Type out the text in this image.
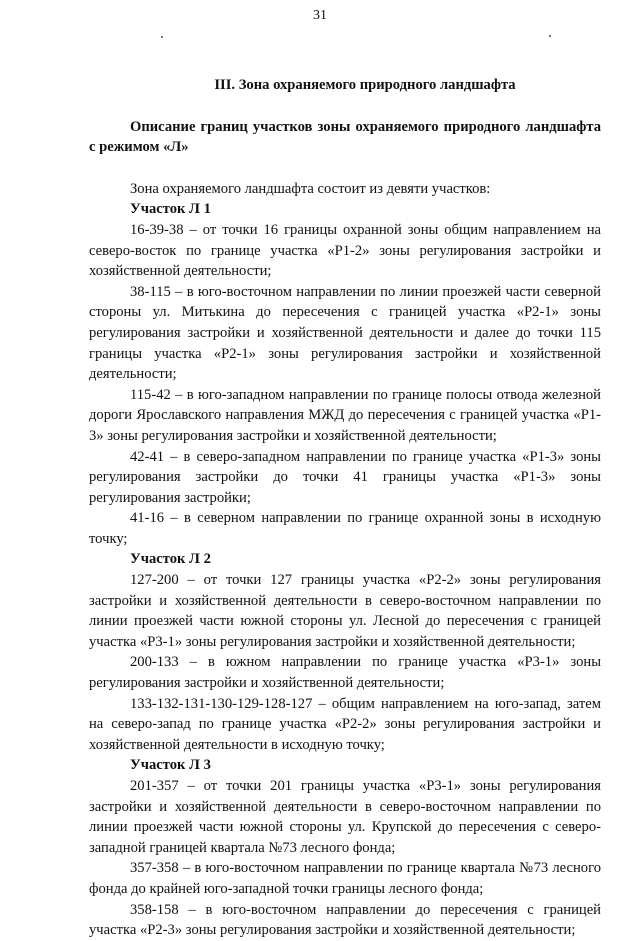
31

III. Зона охраняемого природного ландшафта

Описание границ участков зоны охраняемого природного ландшафта с режимом «Л»

Зона охраняемого ландшафта состоит из девяти участков:

Участок Л 1

16-39-38 – от точки 16 границы охранной зоны общим направлением на северо-восток по границе участка «Р1-2» зоны регулирования застройки и хозяйственной деятельности;

38-115 – в юго-восточном направлении по линии проезжей части северной стороны ул. Митькина до пересечения с границей участка «Р2-1» зоны регулирования застройки и хозяйственной деятельности и далее до точки 115 границы участка «Р2-1» зоны регулирования застройки и хозяйственной деятельности;

115-42 – в юго-западном направлении по границе полосы отвода железной дороги Ярославского направления МЖД до пересечения с границей участка «Р1-3» зоны регулирования застройки и хозяйственной деятельности;

42-41 – в северо-западном направлении по границе участка «Р1-3» зоны регулирования застройки до точки 41 границы участка «Р1-3» зоны регулирования застройки;

41-16 – в северном направлении по границе охранной зоны в исходную точку;

Участок Л 2

127-200 – от точки 127 границы участка «Р2-2» зоны регулирования застройки и хозяйственной деятельности в северо-восточном направлении по линии проезжей части южной стороны ул. Лесной до пересечения с границей участка «Р3-1» зоны регулирования застройки и хозяйственной деятельности;

200-133 – в южном направлении по границе участка «Р3-1» зоны регулирования застройки и хозяйственной деятельности;

133-132-131-130-129-128-127 – общим направлением на юго-запад, затем на северо-запад по границе участка «Р2-2» зоны регулирования застройки и хозяйственной деятельности в исходную точку;

Участок Л 3

201-357 – от точки 201 границы участка «Р3-1» зоны регулирования застройки и хозяйственной деятельности в северо-восточном направлении по линии проезжей части южной стороны ул. Крупской до пересечения с северо-западной границей квартала №73 лесного фонда;

357-358 – в юго-восточном направлении по границе квартала №73 лесного фонда до крайней юго-западной точки границы лесного фонда;

358-158 – в юго-восточном направлении до пересечения с границей участка «Р2-3» зоны регулирования застройки и хозяйственной деятельности;
